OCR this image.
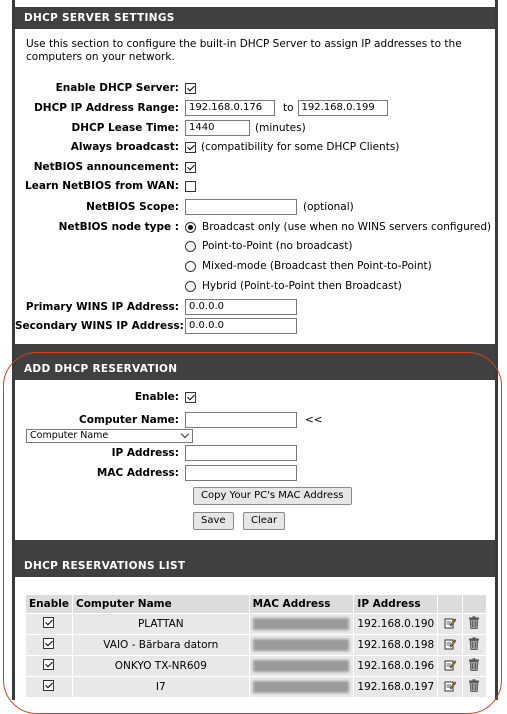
DHCP SERVER SETTINGS
Use this section to configure the built-in DHCP Server to assign IP addresses to the computers on your network.
Enable DHCP Server:
DHCP IP Address Range:	192.168.0.176	to 192.168.0.199
DHCP Lease Time:	1440	(minutes)
Always broadcast:	(compatibility for some DHCP Clients)
NetBIOS announcement:
Learn NetBIOS from WAN:
NetBIOS Scope:	(optional)
NetBIOS node type :	Broadcast only (use when no WINS servers configured)
Point-to-Point (no broadcast)
Mixed-mode (Broadcast then Point-to-Point)
Hybrid (Point-to-Point then Broadcast)
Primary WINS IP Address:	0.0.0.0
Secondary WINS IP Address: 0.0.0.0
ADD DHCP RESERVATION
Enable:
Computer Name:	<<
Computer Name
IP Address:
MAC Address:
Copy Your PC's MAC Address
Save	Clear
DHCP RESERVATIONS LIST
Enable	Computer Name	MAC Address	IP Address		
	PLATTAN		192.168.0.190		
	VAIO - Bärbara datorn		192.168.0.198		
	ONKYO TX-NR609		192.168.0.196		
	I7		192.168.0.197		
